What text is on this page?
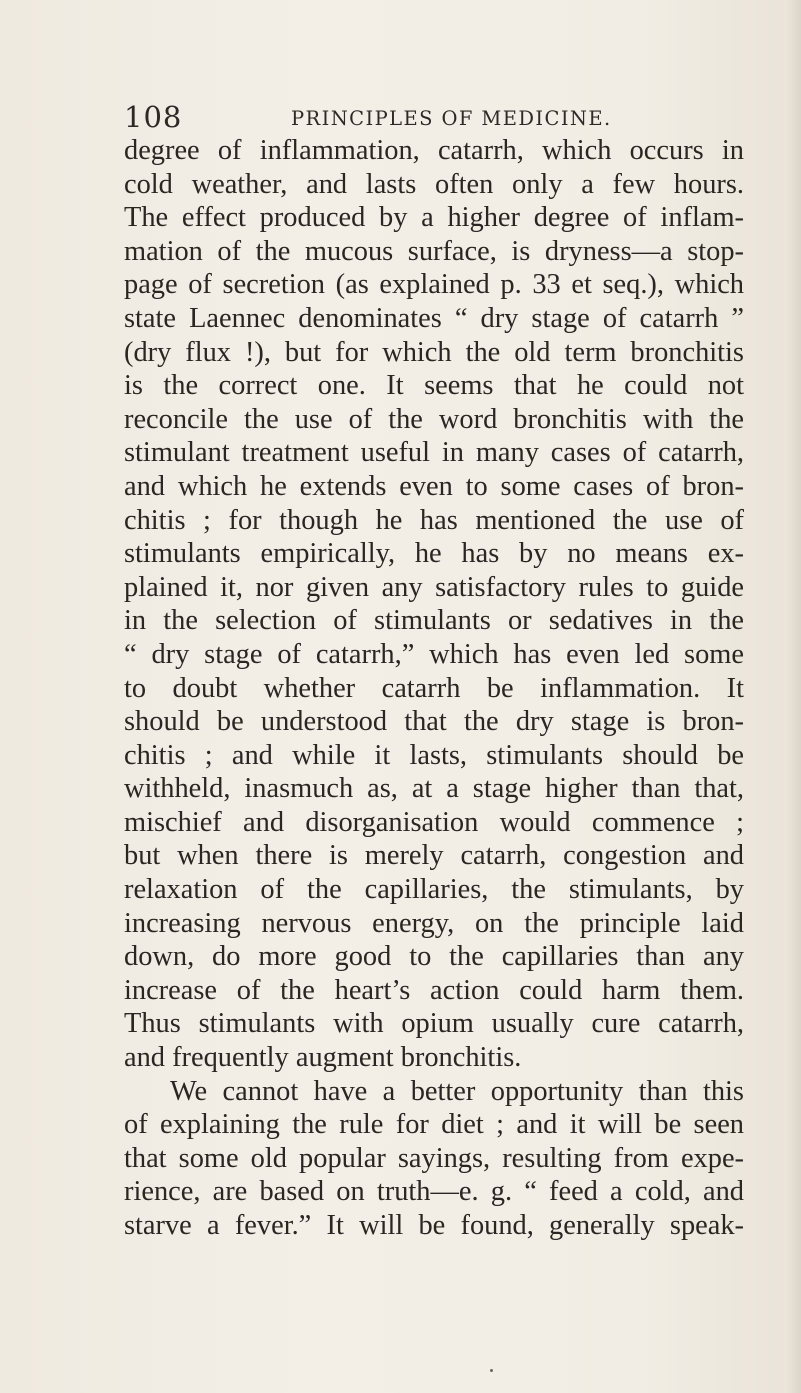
108	PRINCIPLES OF MEDICINE.
degree of inflammation, catarrh, which occurs in
cold weather, and lasts often only a few hours.
The effect produced by a higher degree of inflam-
mation of the mucous surface, is dryness—a stop-
page of secretion (as explained p. 33 et seq.), which
state Laennec denominates “ dry stage of catarrh ”
(dry flux !), but for which the old term bronchitis
is the correct one. It seems that he could not
reconcile the use of the word bronchitis with the
stimulant treatment useful in many cases of catarrh,
and which he extends even to some cases of bron-
chitis ; for though he has mentioned the use of
stimulants empirically, he has by no means ex-
plained it, nor given any satisfactory rules to guide
in the selection of stimulants or sedatives in the
“ dry stage of catarrh,” which has even led some
to doubt whether catarrh be inflammation. It
should be understood that the dry stage is bron-
chitis ; and while it lasts, stimulants should be
withheld, inasmuch as, at a stage higher than that,
mischief and disorganisation would commence ;
but when there is merely catarrh, congestion and
relaxation of the capillaries, the stimulants, by
increasing nervous energy, on the principle laid
down, do more good to the capillaries than any
increase of the heart’s action could harm them.
Thus stimulants with opium usually cure catarrh,
and frequently augment bronchitis.
We cannot have a better opportunity than this
of explaining the rule for diet ; and it will be seen
that some old popular sayings, resulting from expe-
rience, are based on truth—e. g. “ feed a cold, and
starve a fever.” It will be found, generally speak-
